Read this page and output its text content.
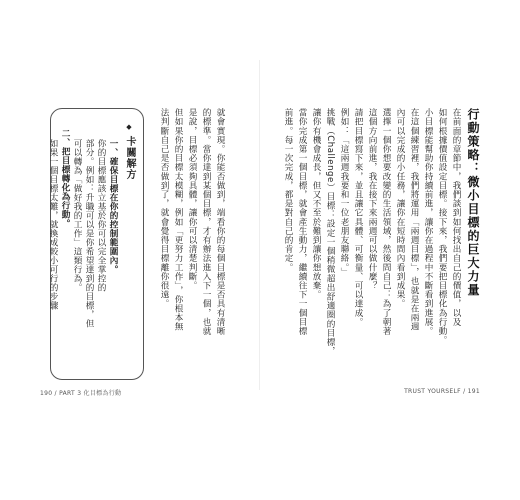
◆卡關解方
一、確保目標在你的控制範圍內。
你的目標應該立基於你可以完全掌控的
部分。例如：升職可以是你希望達到的目標，但
可以轉為「做好我的工作」這類行為。
二、把目標轉化為行動。
如果一個目標太難，就換成較小可行的步驟	就會實現。你能否做到，端看你的每個目標是否具有清晰
的標準。當你達到某個目標，才有辦法進入下一個，也就
是說，目標必須夠具體，讓你可以清楚判斷。
但如果你的目標太模糊，例如「更努力工作」，你根本無
法判斷自己是否做到了，就會覺得目標離你很遠。
190 / PART 3 化目標為行動
行動策略：微小目標的巨大力量
在前面的章節中，我們談到如何找出自己的價值，以及
如何根據價值設定目標。接下來，我們要把目標化為行動。
小目標能幫助你持續前進，讓你在過程中不斷看到進展。
在這個練習裡，我們將運用「兩週目標」，也就是在兩週
內可以完成的小任務，讓你在短時間內看到成果。
選擇一個你想要改變的生活領域，然後問自己：為了朝著
這個方向前進，我在接下來兩週可以做什麼？
請把目標寫下來，並且讓它具體、可衡量、可以達成。
例如：「這兩週我要和一位老朋友聯絡。」
挑戰（Challenge）目標：設定一個稍微超出舒適圈的目標，
讓你有機會成長，但又不至於難到讓你想放棄。
當你完成第一個目標，就會產生動力，繼續往下一個目標
前進。每一次完成，都是對自己的肯定。
TRUST YOURSELF / 191
